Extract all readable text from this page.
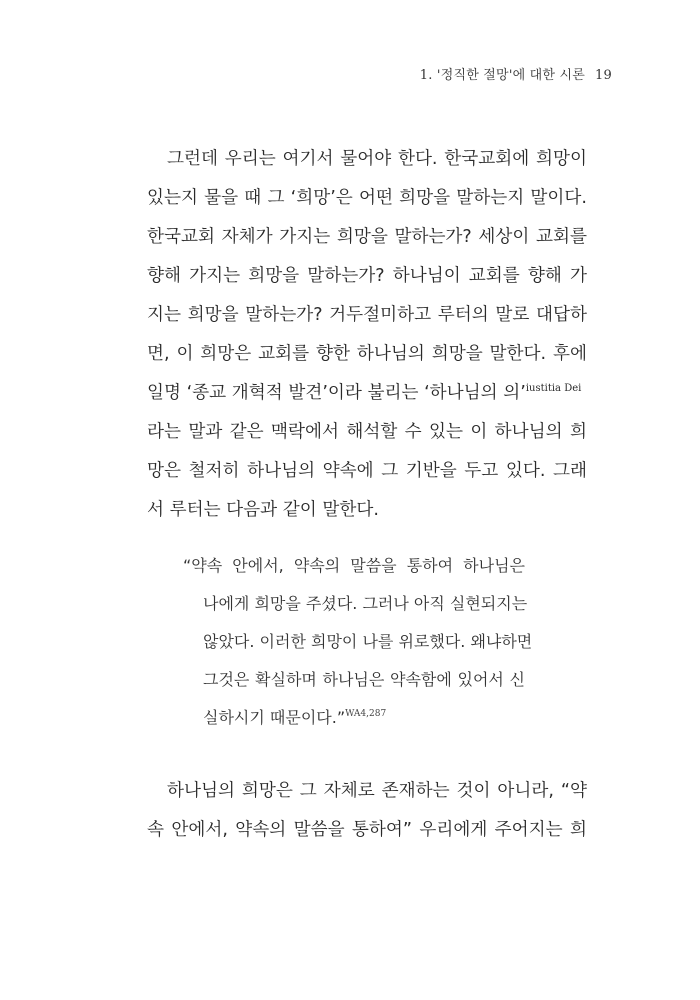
1. '정직한 절망'에 대한 시론 19
그런데 우리는 여기서 물어야 한다. 한국교회에 희망이
있는지 물을 때 그 ‘희망’은 어떤 희망을 말하는지 말이다.
한국교회 자체가 가지는 희망을 말하는가? 세상이 교회를
향해 가지는 희망을 말하는가? 하나님이 교회를 향해 가
지는 희망을 말하는가? 거두절미하고 루터의 말로 대답하
면, 이 희망은 교회를 향한 하나님의 희망을 말한다. 후에
일명 ‘종교 개혁적 발견’이라 불리는 ‘하나님의 의’$^{iustitia Dei}$
라는 말과 같은 맥락에서 해석할 수 있는 이 하나님의 희
망은 철저히 하나님의 약속에 그 기반을 두고 있다. 그래
서 루터는 다음과 같이 말한다.
“약속 안에서, 약속의 말씀을 통하여 하나님은
나에게 희망을 주셨다. 그러나 아직 실현되지는
않았다. 이러한 희망이 나를 위로했다. 왜냐하면
그것은 확실하며 하나님은 약속함에 있어서 신
실하시기 때문이다.”$^{WA4,287}$
하나님의 희망은 그 자체로 존재하는 것이 아니라, “약
속 안에서, 약속의 말씀을 통하여” 우리에게 주어지는 희
